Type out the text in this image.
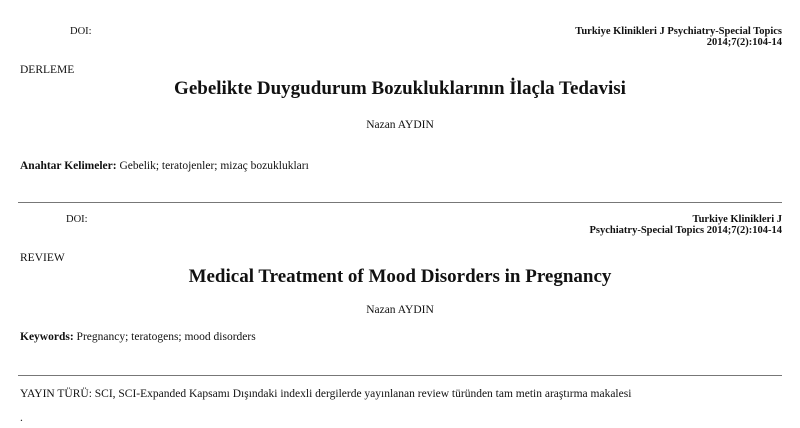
DOI:	Turkiye Klinikleri J Psychiatry-Special Topics
2014;7(2):104-14
DERLEME
Gebelikte Duygudurum Bozukluklarının İlaçla Tedavisi
Nazan AYDIN
Anahtar Kelimeler: Gebelik; teratojenler; mizaç bozuklukları
DOI:	Turkiye Klinikleri J
Psychiatry-Special Topics 2014;7(2):104-14
REVIEW
Medical Treatment of Mood Disorders in Pregnancy
Nazan AYDIN
Keywords: Pregnancy; teratogens; mood disorders
YAYIN TÜRÜ: SCI, SCI-Expanded Kapsamı Dışındaki indexli dergilerde yayınlanan review türünden tam metin araştırma makalesi
.
